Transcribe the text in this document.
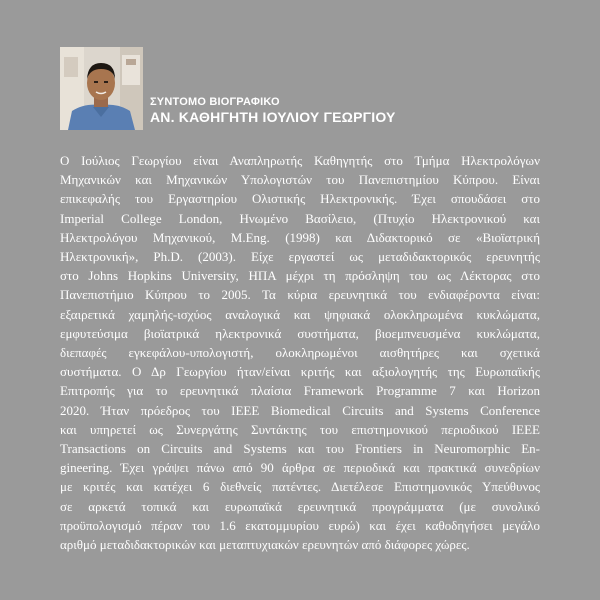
ΣΥΝΤΟΜΟ ΒΙΟΓΡΑΦΙΚΟ
ΑΝ. ΚΑΘΗΓΗΤΗ ΙΟΥΛΙΟΥ ΓΕΩΡΓΙΟΥ
Ο Ιούλιος Γεωργίου είναι Αναπληρωτής Καθηγητής στο Τμήμα Ηλεκτρολόγων
Μηχανικών και Μηχανικών Υπολογιστών του Πανεπιστημίου Κύπρου. Είναι
επικεφαλής του Εργαστηρίου Ολιστικής Ηλεκτρονικής. Έχει σπουδάσει στο
Imperial College London, Ηνωμένο Βασίλειο, (Πτυχίο Ηλεκτρονικού και
Ηλεκτρολόγου Μηχανικού, M.Eng. (1998) και Διδακτορικό σε «Βιοϊατρική
Ηλεκτρονική», Ph.D. (2003). Είχε εργαστεί ως μεταδιδακτορικός ερευνητής
στο Johns Hopkins University, ΗΠΑ μέχρι τη πρόσληψη του ως Λέκτορας στο
Πανεπιστήμιο Κύπρου το 2005. Τα κύρια ερευνητικά του ενδιαφέροντα είναι:
εξαιρετικά χαμηλής-ισχύος αναλογικά και ψηφιακά ολοκληρωμένα κυκλώματα,
εμφυτεύσιμα βιοϊατρικά ηλεκτρονικά συστήματα, βιοεμπνευσμένα κυκλώματα,
διεπαφές εγκεφάλου-υπολογιστή, ολοκληρωμένοι αισθητήρες και σχετικά
συστήματα. Ο Δρ Γεωργίου ήταν/είναι κριτής και αξιολογητής της Ευρωπαϊκής
Επιτροπής για το ερευνητικά πλαίσια Framework Programme 7 και Horizon
2020. Ήταν πρόεδρος του IEEE Biomedical Circuits and Systems Conference
και υπηρετεί ως Συνεργάτης Συντάκτης του επιστημονικού περιοδικού IEEE
Transactions on Circuits and Systems και του Frontiers in Neuromorphic En-
gineering. Έχει γράψει πάνω από 90 άρθρα σε περιοδικά και πρακτικά συνεδρίων
με κριτές και κατέχει 6 διεθνείς πατέντες. Διετέλεσε Επιστημονικός Υπεύθυνος
σε αρκετά τοπικά και ευρωπαϊκά ερευνητικά προγράμματα (με συνολικό
προϋπολογισμό πέραν του 1.6 εκατομμυρίου ευρώ) και έχει καθοδηγήσει μεγάλο
αριθμό μεταδιδακτορικών και μεταπτυχιακών ερευνητών από διάφορες χώρες.
